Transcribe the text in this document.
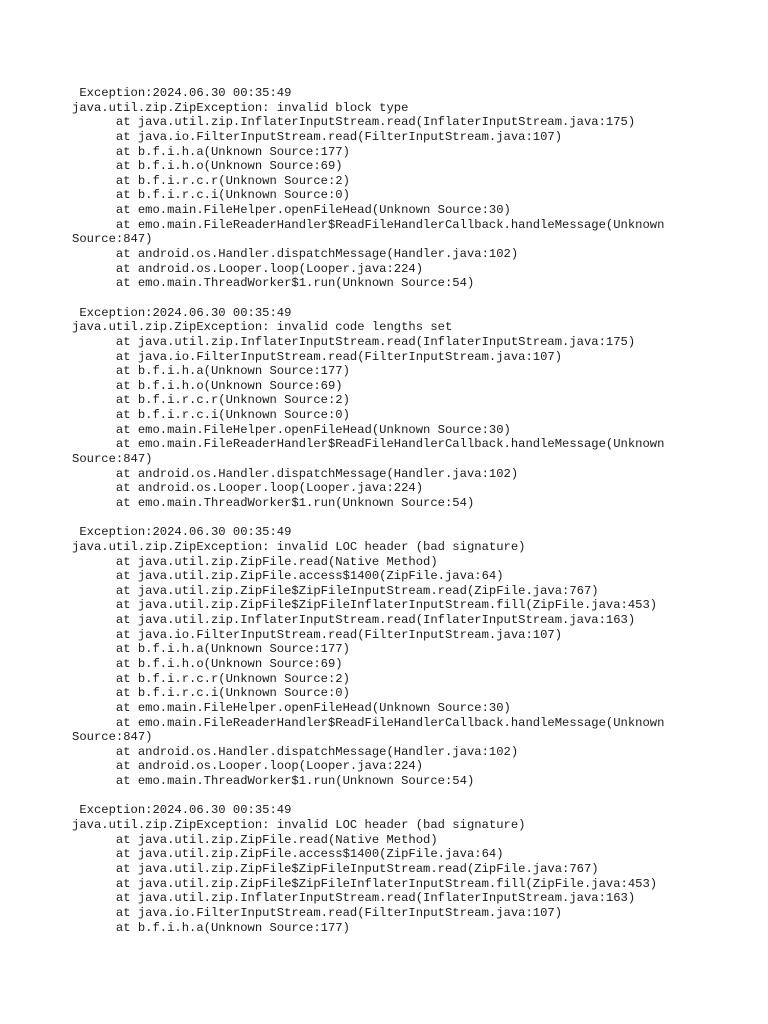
Exception:2024.06.30 00:35:49
java.util.zip.ZipException: invalid block type
at java.util.zip.InflaterInputStream.read(InflaterInputStream.java:175)
at java.io.FilterInputStream.read(FilterInputStream.java:107)
at b.f.i.h.a(Unknown Source:177)
at b.f.i.h.o(Unknown Source:69)
at b.f.i.r.c.r(Unknown Source:2)
at b.f.i.r.c.i(Unknown Source:0)
at emo.main.FileHelper.openFileHead(Unknown Source:30)
at emo.main.FileReaderHandler$ReadFileHandlerCallback.handleMessage(Unknown
Source:847)
at android.os.Handler.dispatchMessage(Handler.java:102)
at android.os.Looper.loop(Looper.java:224)
at emo.main.ThreadWorker$1.run(Unknown Source:54)
Exception:2024.06.30 00:35:49
java.util.zip.ZipException: invalid code lengths set
at java.util.zip.InflaterInputStream.read(InflaterInputStream.java:175)
at java.io.FilterInputStream.read(FilterInputStream.java:107)
at b.f.i.h.a(Unknown Source:177)
at b.f.i.h.o(Unknown Source:69)
at b.f.i.r.c.r(Unknown Source:2)
at b.f.i.r.c.i(Unknown Source:0)
at emo.main.FileHelper.openFileHead(Unknown Source:30)
at emo.main.FileReaderHandler$ReadFileHandlerCallback.handleMessage(Unknown
Source:847)
at android.os.Handler.dispatchMessage(Handler.java:102)
at android.os.Looper.loop(Looper.java:224)
at emo.main.ThreadWorker$1.run(Unknown Source:54)
Exception:2024.06.30 00:35:49
java.util.zip.ZipException: invalid LOC header (bad signature)
at java.util.zip.ZipFile.read(Native Method)
at java.util.zip.ZipFile.access$1400(ZipFile.java:64)
at java.util.zip.ZipFile$ZipFileInputStream.read(ZipFile.java:767)
at java.util.zip.ZipFile$ZipFileInflaterInputStream.fill(ZipFile.java:453)
at java.util.zip.InflaterInputStream.read(InflaterInputStream.java:163)
at java.io.FilterInputStream.read(FilterInputStream.java:107)
at b.f.i.h.a(Unknown Source:177)
at b.f.i.h.o(Unknown Source:69)
at b.f.i.r.c.r(Unknown Source:2)
at b.f.i.r.c.i(Unknown Source:0)
at emo.main.FileHelper.openFileHead(Unknown Source:30)
at emo.main.FileReaderHandler$ReadFileHandlerCallback.handleMessage(Unknown
Source:847)
at android.os.Handler.dispatchMessage(Handler.java:102)
at android.os.Looper.loop(Looper.java:224)
at emo.main.ThreadWorker$1.run(Unknown Source:54)
Exception:2024.06.30 00:35:49
java.util.zip.ZipException: invalid LOC header (bad signature)
at java.util.zip.ZipFile.read(Native Method)
at java.util.zip.ZipFile.access$1400(ZipFile.java:64)
at java.util.zip.ZipFile$ZipFileInputStream.read(ZipFile.java:767)
at java.util.zip.ZipFile$ZipFileInflaterInputStream.fill(ZipFile.java:453)
at java.util.zip.InflaterInputStream.read(InflaterInputStream.java:163)
at java.io.FilterInputStream.read(FilterInputStream.java:107)
at b.f.i.h.a(Unknown Source:177)
